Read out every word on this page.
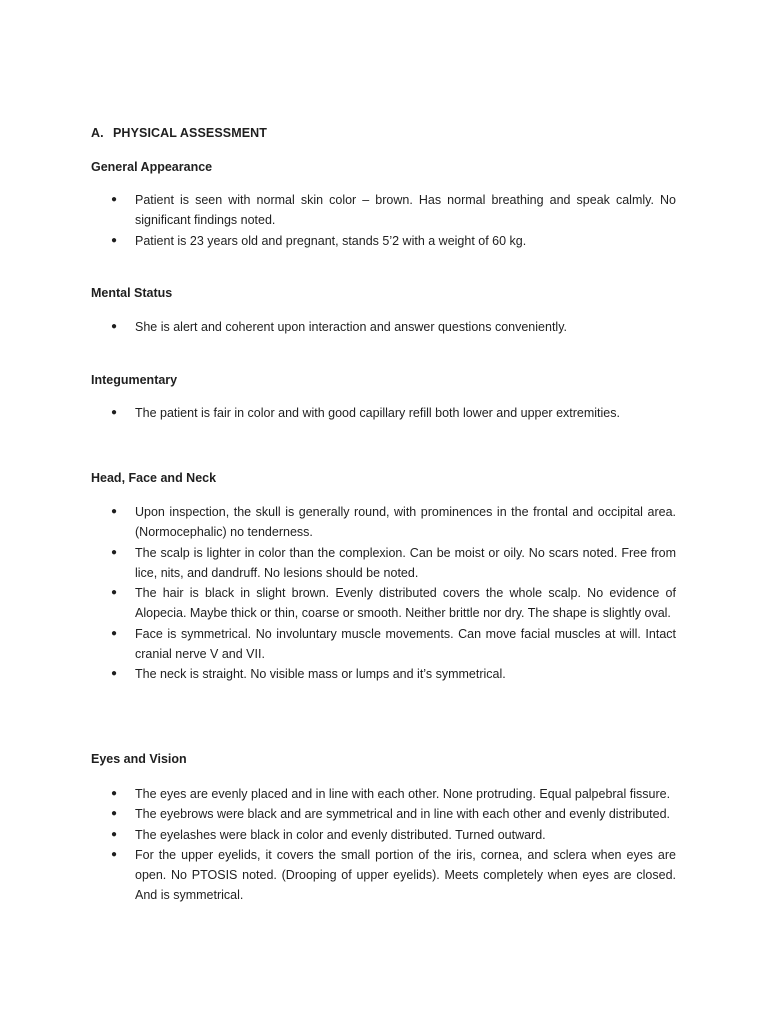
A. PHYSICAL ASSESSMENT
General Appearance
● Patient is seen with normal skin color – brown. Has normal breathing and speak calmly. No significant findings noted.
● Patient is 23 years old and pregnant, stands 5’2 with a weight of 60 kg.
Mental Status
● She is alert and coherent upon interaction and answer questions conveniently.
Integumentary
● The patient is fair in color and with good capillary refill both lower and upper extremities.
Head, Face and Neck
● Upon inspection, the skull is generally round, with prominences in the frontal and occipital area. (Normocephalic) no tenderness.
● The scalp is lighter in color than the complexion. Can be moist or oily. No scars noted. Free from lice, nits, and dandruff. No lesions should be noted.
● The hair is black in slight brown. Evenly distributed covers the whole scalp. No evidence of Alopecia. Maybe thick or thin, coarse or smooth. Neither brittle nor dry. The shape is slightly oval.
● Face is symmetrical. No involuntary muscle movements. Can move facial muscles at will. Intact cranial nerve V and VII.
● The neck is straight. No visible mass or lumps and it’s symmetrical.
Eyes and Vision
● The eyes are evenly placed and in line with each other. None protruding. Equal palpebral fissure.
● The eyebrows were black and are symmetrical and in line with each other and evenly distributed.
● The eyelashes were black in color and evenly distributed. Turned outward.
● For the upper eyelids, it covers the small portion of the iris, cornea, and sclera when eyes are open. No PTOSIS noted. (Drooping of upper eyelids). Meets completely when eyes are closed. And is symmetrical.
